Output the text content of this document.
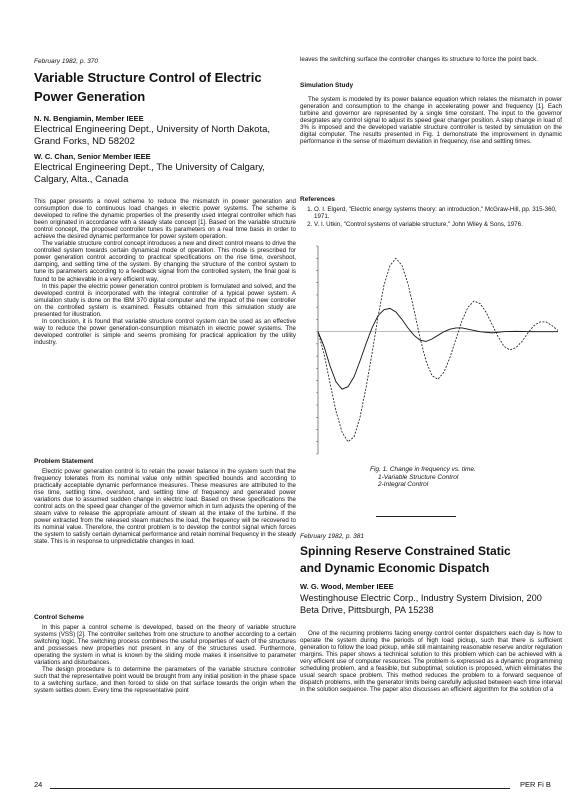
February 1982, p. 370
Variable Structure Control of Electric
Power Generation
N. N. Bengiamin, Member IEEE
Electrical Engineering Dept., University of North Dakota, Grand Forks, ND 58202
W. C. Chan, Senior Member IEEE
Electrical Engineering Dept., The University of Calgary, Calgary, Alta., Canada

This paper presents a novel scheme to reduce the mismatch in power generation and consumption due to continuous load changes in electric power systems. The scheme is developed to refine the dynamic properties of the presently used integral controller which has been originated in accordance with a steady state concept [1]. Based on the variable structure control concept, the proposed controller tunes its parameters on a real time basis in order to achieve the desired dynamic performance for power system operation.

The variable structure control concept introduces a new and direct control means to drive the controlled system towards certain dynamical mode of operation. This mode is prescribed for power generation control according to practical specifications on the rise time, overshoot, damping, and settling time of the system. By changing the structure of the control system to tune its parameters according to a feedback signal from the controlled system, the final goal is found to be achievable in a very efficient way.

In this paper the electric power generation control problem is formulated and solved, and the developed control is incorporated with the integral controller of a typical power system. A simulation study is done on the IBM 370 digital computer and the impact of the new controller on the controlled system is examined. Results obtained from this simulation study are presented for illustration.

In conclusion, it is found that variable structure control system can be used as an effective way to reduce the power generation-consumption mismatch in electric power systems. The developed controller is simple and seems promising for practical application by the utility industry.

Problem Statement

Electric power generation control is to retain the power balance in the system such that the frequency tolerates from its nominal value only within specified bounds and according to practically acceptable dynamic performance measures. These measures are attributed to the rise time, settling time, overshoot, and settling time of frequency and generated power variations due to assumed sudden change in electric load. Based on these specifications the control acts on the speed gear changer of the governor which in turn adjusts the opening of the steam valve to release the appropriate amount of steam at the intake of the turbine. If the power extracted from the released steam matches the load, the frequency will be recovered to its nominal value. Therefore, the control problem is to develop the control signal which forces the system to satisfy certain dynamical performance and retain nominal frequency in the steady state. This is in response to unpredictable changes in load.

Control Scheme

In this paper a control scheme is developed, based on the theory of variable structure systems (VSS) [2]. The controller switches from one structure to another according to a certain switching logic. The switching process combines the useful properties of each of the structures and possesses new properties not present in any of the structures used. Furthermore, operating the system in what is known by the sliding mode makes it insensitive to parameter variations and disturbances.

The design procedure is to determine the parameters of the variable structure controller such that the representative point would be brought from any initial position in the phase space to a switching surface, and then forced to slide on that surface towards the origin when the system settles down. Every time the representative point

leaves the switching surface the controller changes its structure to force the point back.

Simulation Study

The system is modeled by its power balance equation which relates the mismatch in power generation and consumption to the change in accelerating power and frequency [1]. Each turbine and governor are represented by a single time constant. The input to the governor designates any control signal to adjust its speed gear changer position. A step change in load of 3% is imposed and the developed variable structure controller is tested by simulation on the digital computer. The results presented in Fig. 1 demonstrate the improvement in dynamic performance in the sense of maximum deviation in frequency, rise and settling times.

References
1. O. I. Elgerd, "Electric energy systems theory: an introduction," McGraw-Hill, pp. 315-360, 1971.
2. V. I. Utkin, "Control systems of variable structure," John Wiley & Sons, 1976.
Fig. 1. Change in frequency vs. time.
1-Variable Structure Control
2-Integral Control
February 1982, p. 381
Spinning Reserve Constrained Static
and Dynamic Economic Dispatch
W. G. Wood, Member IEEE
Westinghouse Electric Corp., Industry System Division, 200 Beta Drive, Pittsburgh, PA 15238

One of the recurring problems facing energy control center dispatchers each day is how to operate the system during the periods of high load pickup, such that there is sufficient generation to follow the load pickup, while still maintaining reasonable reserve and/or regulation margins. This paper shows a technical solution to this problem which can be achieved with a very efficient use of computer resources. The problem is expressed as a dynamic programming scheduling problem, and a feasible, but suboptimal, solution is proposed, which eliminates the usual search space problem. This method reduces the problem to a forward sequence of dispatch problems, with the generator limits being carefully adjusted between each time interval in the solution sequence. The paper also discusses an efficient algorithm for the solution of a

24	PER Fi B
